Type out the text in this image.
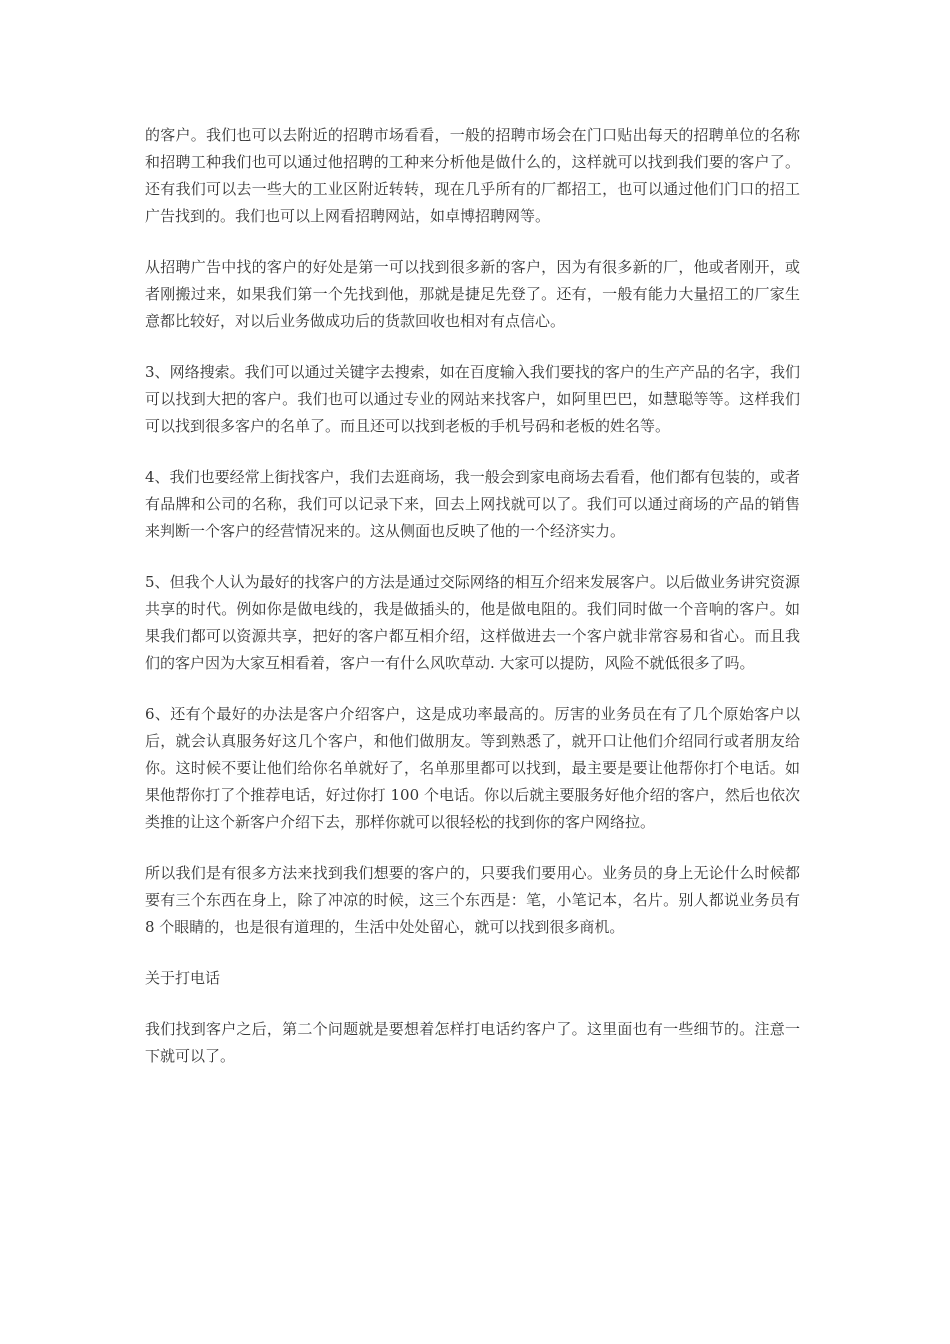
的客户。我们也可以去附近的招聘市场看看，一般的招聘市场会在门口贴出每天的招聘单位的名称和招聘工种我们也可以通过他招聘的工种来分析他是做什么的，这样就可以找到我们要的客户了。还有我们可以去一些大的工业区附近转转，现在几乎所有的厂都招工，也可以通过他们门口的招工广告找到的。我们也可以上网看招聘网站，如卓博招聘网等。

从招聘广告中找的客户的好处是第一可以找到很多新的客户，因为有很多新的厂，他或者刚开，或者刚搬过来，如果我们第一个先找到他，那就是捷足先登了。还有，一般有能力大量招工的厂家生意都比较好，对以后业务做成功后的货款回收也相对有点信心。

3、网络搜索。我们可以通过关键字去搜索，如在百度输入我们要找的客户的生产产品的名字，我们可以找到大把的客户。我们也可以通过专业的网站来找客户，如阿里巴巴，如慧聪等等。这样我们可以找到很多客户的名单了。而且还可以找到老板的手机号码和老板的姓名等。

4、我们也要经常上街找客户，我们去逛商场，我一般会到家电商场去看看，他们都有包装的，或者有品牌和公司的名称，我们可以记录下来，回去上网找就可以了。我们可以通过商场的产品的销售来判断一个客户的经营情况来的。这从侧面也反映了他的一个经济实力。

5、但我个人认为最好的找客户的方法是通过交际网络的相互介绍来发展客户。以后做业务讲究资源共享的时代。例如你是做电线的，我是做插头的，他是做电阻的。我们同时做一个音响的客户。如果我们都可以资源共享，把好的客户都互相介绍，这样做进去一个客户就非常容易和省心。而且我们的客户因为大家互相看着，客户一有什么风吹草动. 大家可以提防，风险不就低很多了吗。

6、还有个最好的办法是客户介绍客户，这是成功率最高的。厉害的业务员在有了几个原始客户以后，就会认真服务好这几个客户，和他们做朋友。等到熟悉了，就开口让他们介绍同行或者朋友给你。这时候不要让他们给你名单就好了，名单那里都可以找到，最主要是要让他帮你打个电话。如果他帮你打了个推荐电话，好过你打 100 个电话。你以后就主要服务好他介绍的客户，然后也依次类推的让这个新客户介绍下去，那样你就可以很轻松的找到你的客户网络拉。

所以我们是有很多方法来找到我们想要的客户的，只要我们要用心。业务员的身上无论什么时候都要有三个东西在身上，除了冲凉的时候，这三个东西是：笔，小笔记本，名片。别人都说业务员有 8 个眼睛的，也是很有道理的，生活中处处留心，就可以找到很多商机。

关于打电话

我们找到客户之后，第二个问题就是要想着怎样打电话约客户了。这里面也有一些细节的。注意一下就可以了。
